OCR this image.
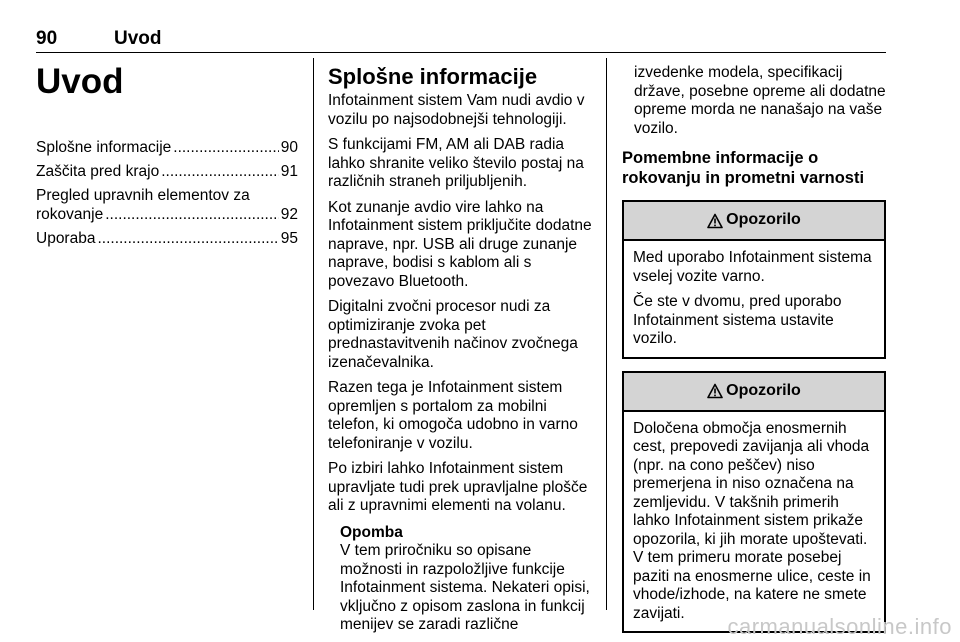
90	Uvod
Uvod
Splošne informacije .....	90
Zaščita pred krajo .....	91
Pregled upravnih elementov za
rokovanje .....	92
Uporaba .....	95
Splošne informacije

Infotainment sistem Vam nudi avdio v vozilu po najsodobnejši tehnologiji.

S funkcijami FM, AM ali DAB radia lahko shranite veliko število postaj na različnih straneh priljubljenih.

Kot zunanje avdio vire lahko na Infotainment sistem priključite dodatne naprave, npr. USB ali druge zunanje naprave, bodisi s kablom ali s povezavo Bluetooth.

Digitalni zvočni procesor nudi za optimiziranje zvoka pet prednastavitvenih načinov zvočnega izenačevalnika.

Razen tega je Infotainment sistem opremljen s portalom za mobilni telefon, ki omogoča udobno in varno telefoniranje v vozilu.

Po izbiri lahko Infotainment sistem upravljate tudi prek upravljalne plošče ali z upravnimi elementi na volanu.

Opomba
V tem priročniku so opisane možnosti in razpoložljive funkcije Infotainment sistema. Nekateri opisi, vključno z opisom zaslona in funkcij menijev se zaradi različne

izvedenke modela, specifikacij države, posebne opreme ali dodatne opreme morda ne nanašajo na vaše vozilo.

Pomembne informacije o rokovanju in prometni varnosti
Opozorilo

Med uporabo Infotainment sistema vselej vozite varno.

Če ste v dvomu, pred uporabo Infotainment sistema ustavite vozilo.

Opozorilo

Določena območja enosmernih cest, prepovedi zavijanja ali vhoda (npr. na cono peščev) niso premerjena in niso označena na zemljevidu. V takšnih primerih lahko Infotainment sistem prikaže opozorila, ki jih morate upoštevati. V tem primeru morate posebej paziti na enosmerne ulice, ceste in vhode/izhode, na katere ne smete zavijati.

carmanualsonline.info
